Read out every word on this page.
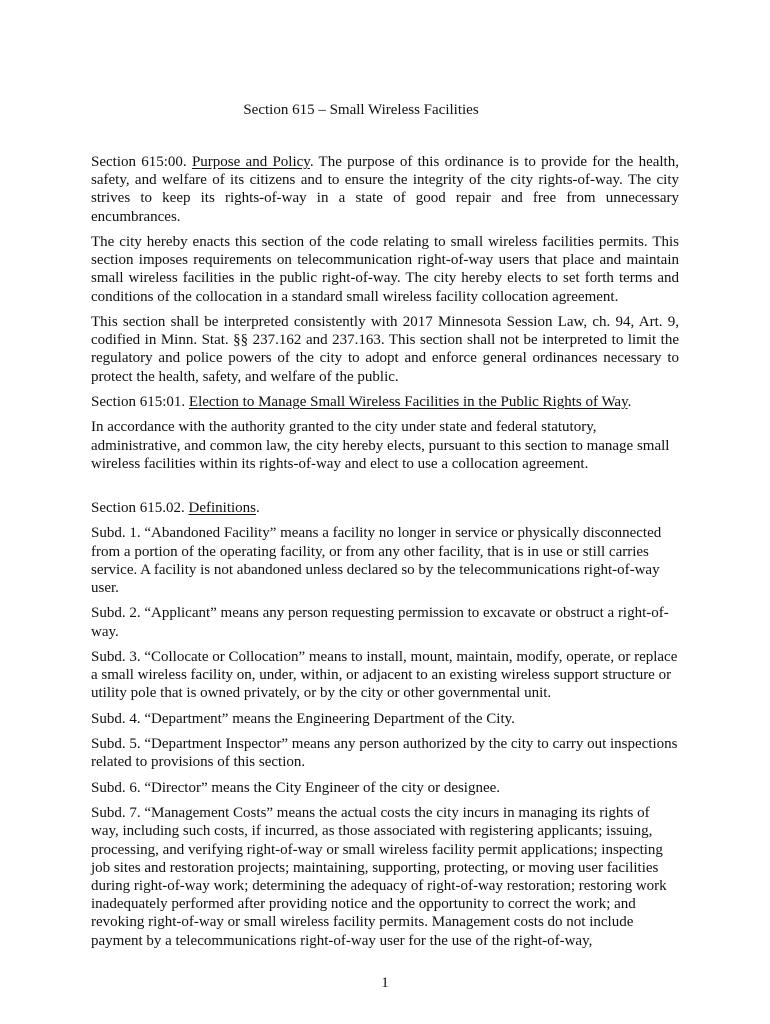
Section 615 – Small Wireless Facilities

Section 615:00. Purpose and Policy. The purpose of this ordinance is to provide for the health, safety, and welfare of its citizens and to ensure the integrity of the city rights-of-way. The city strives to keep its rights-of-way in a state of good repair and free from unnecessary encumbrances.

The city hereby enacts this section of the code relating to small wireless facilities permits. This section imposes requirements on telecommunication right-of-way users that place and maintain small wireless facilities in the public right-of-way. The city hereby elects to set forth terms and conditions of the collocation in a standard small wireless facility collocation agreement.

This section shall be interpreted consistently with 2017 Minnesota Session Law, ch. 94, Art. 9, codified in Minn. Stat. §§ 237.162 and 237.163. This section shall not be interpreted to limit the regulatory and police powers of the city to adopt and enforce general ordinances necessary to protect the health, safety, and welfare of the public.

Section 615:01. Election to Manage Small Wireless Facilities in the Public Rights of Way.

In accordance with the authority granted to the city under state and federal statutory, administrative, and common law, the city hereby elects, pursuant to this section to manage small wireless facilities within its rights-of-way and elect to use a collocation agreement.

Section 615.02. Definitions.

Subd. 1. “Abandoned Facility” means a facility no longer in service or physically disconnected from a portion of the operating facility, or from any other facility, that is in use or still carries service. A facility is not abandoned unless declared so by the telecommunications right-of-way user.

Subd. 2. “Applicant” means any person requesting permission to excavate or obstruct a right-of-way.

Subd. 3. “Collocate or Collocation” means to install, mount, maintain, modify, operate, or replace a small wireless facility on, under, within, or adjacent to an existing wireless support structure or utility pole that is owned privately, or by the city or other governmental unit.

Subd. 4. “Department” means the Engineering Department of the City.

Subd. 5. “Department Inspector” means any person authorized by the city to carry out inspections related to provisions of this section.

Subd. 6. “Director” means the City Engineer of the city or designee.

Subd. 7. “Management Costs” means the actual costs the city incurs in managing its rights of way, including such costs, if incurred, as those associated with registering applicants; issuing, processing, and verifying right-of-way or small wireless facility permit applications; inspecting job sites and restoration projects; maintaining, supporting, protecting, or moving user facilities during right-of-way work; determining the adequacy of right-of-way restoration; restoring work inadequately performed after providing notice and the opportunity to correct the work; and revoking right-of-way or small wireless facility permits. Management costs do not include payment by a telecommunications right-of-way user for the use of the right-of-way,

1
